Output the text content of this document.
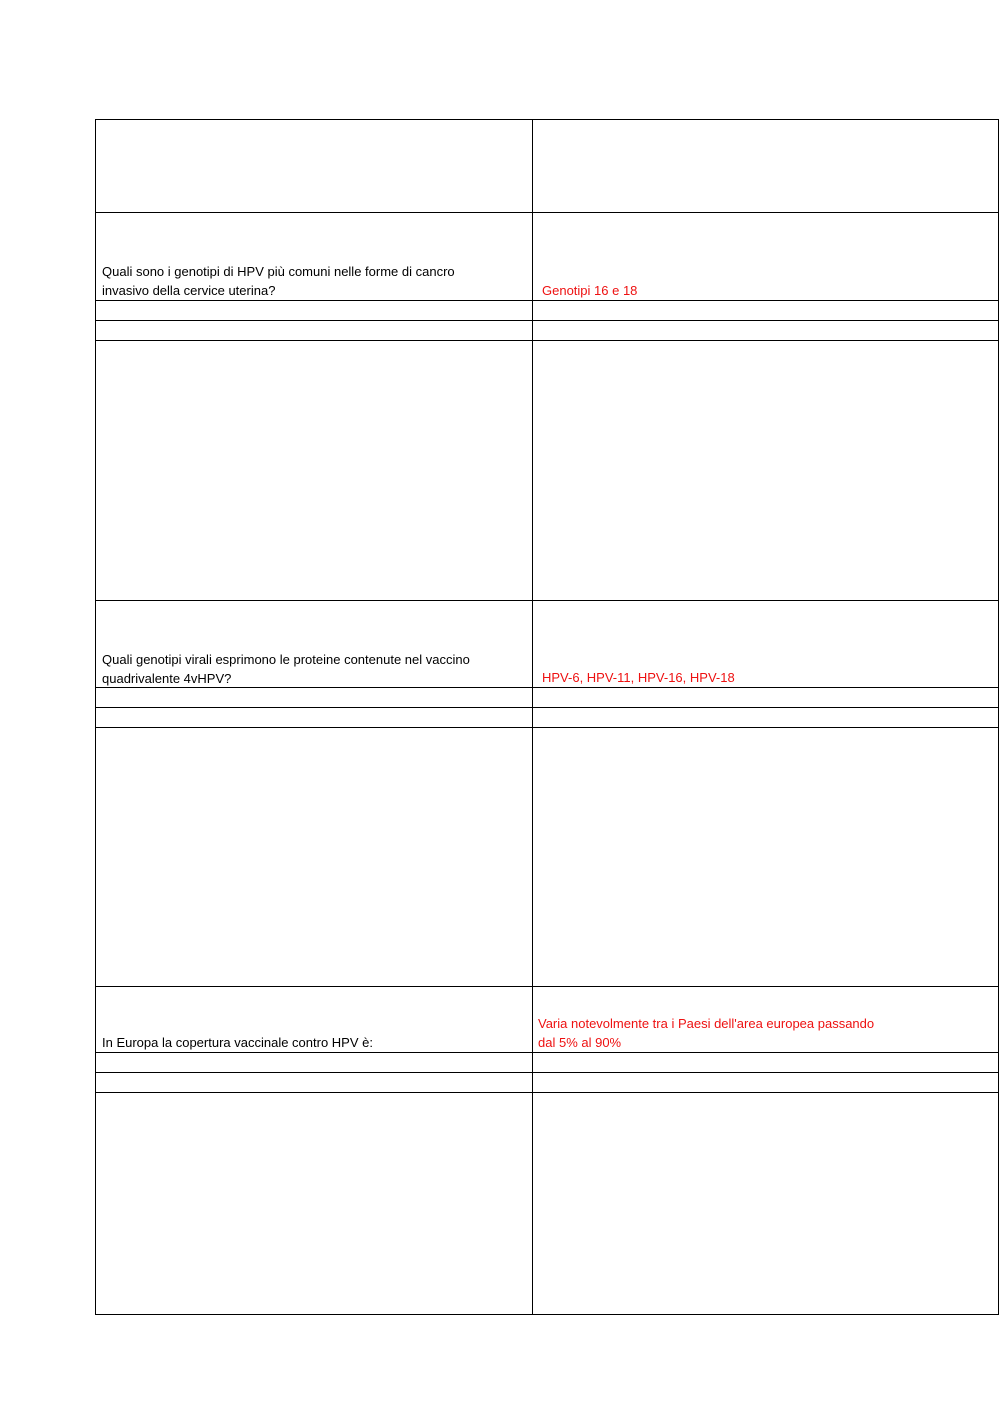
Quali sono i genotipi di HPV più comuni nelle forme di cancro
invasivo della cervice uterina?	Genotipi 16 e 18
Quali genotipi virali esprimono le proteine contenute nel vaccino
quadrivalente 4vHPV?	HPV-6, HPV-11, HPV-16, HPV-18
In Europa la copertura vaccinale contro HPV è:
Varia notevolmente tra i Paesi dell'area europea passando
dal 5% al 90%
